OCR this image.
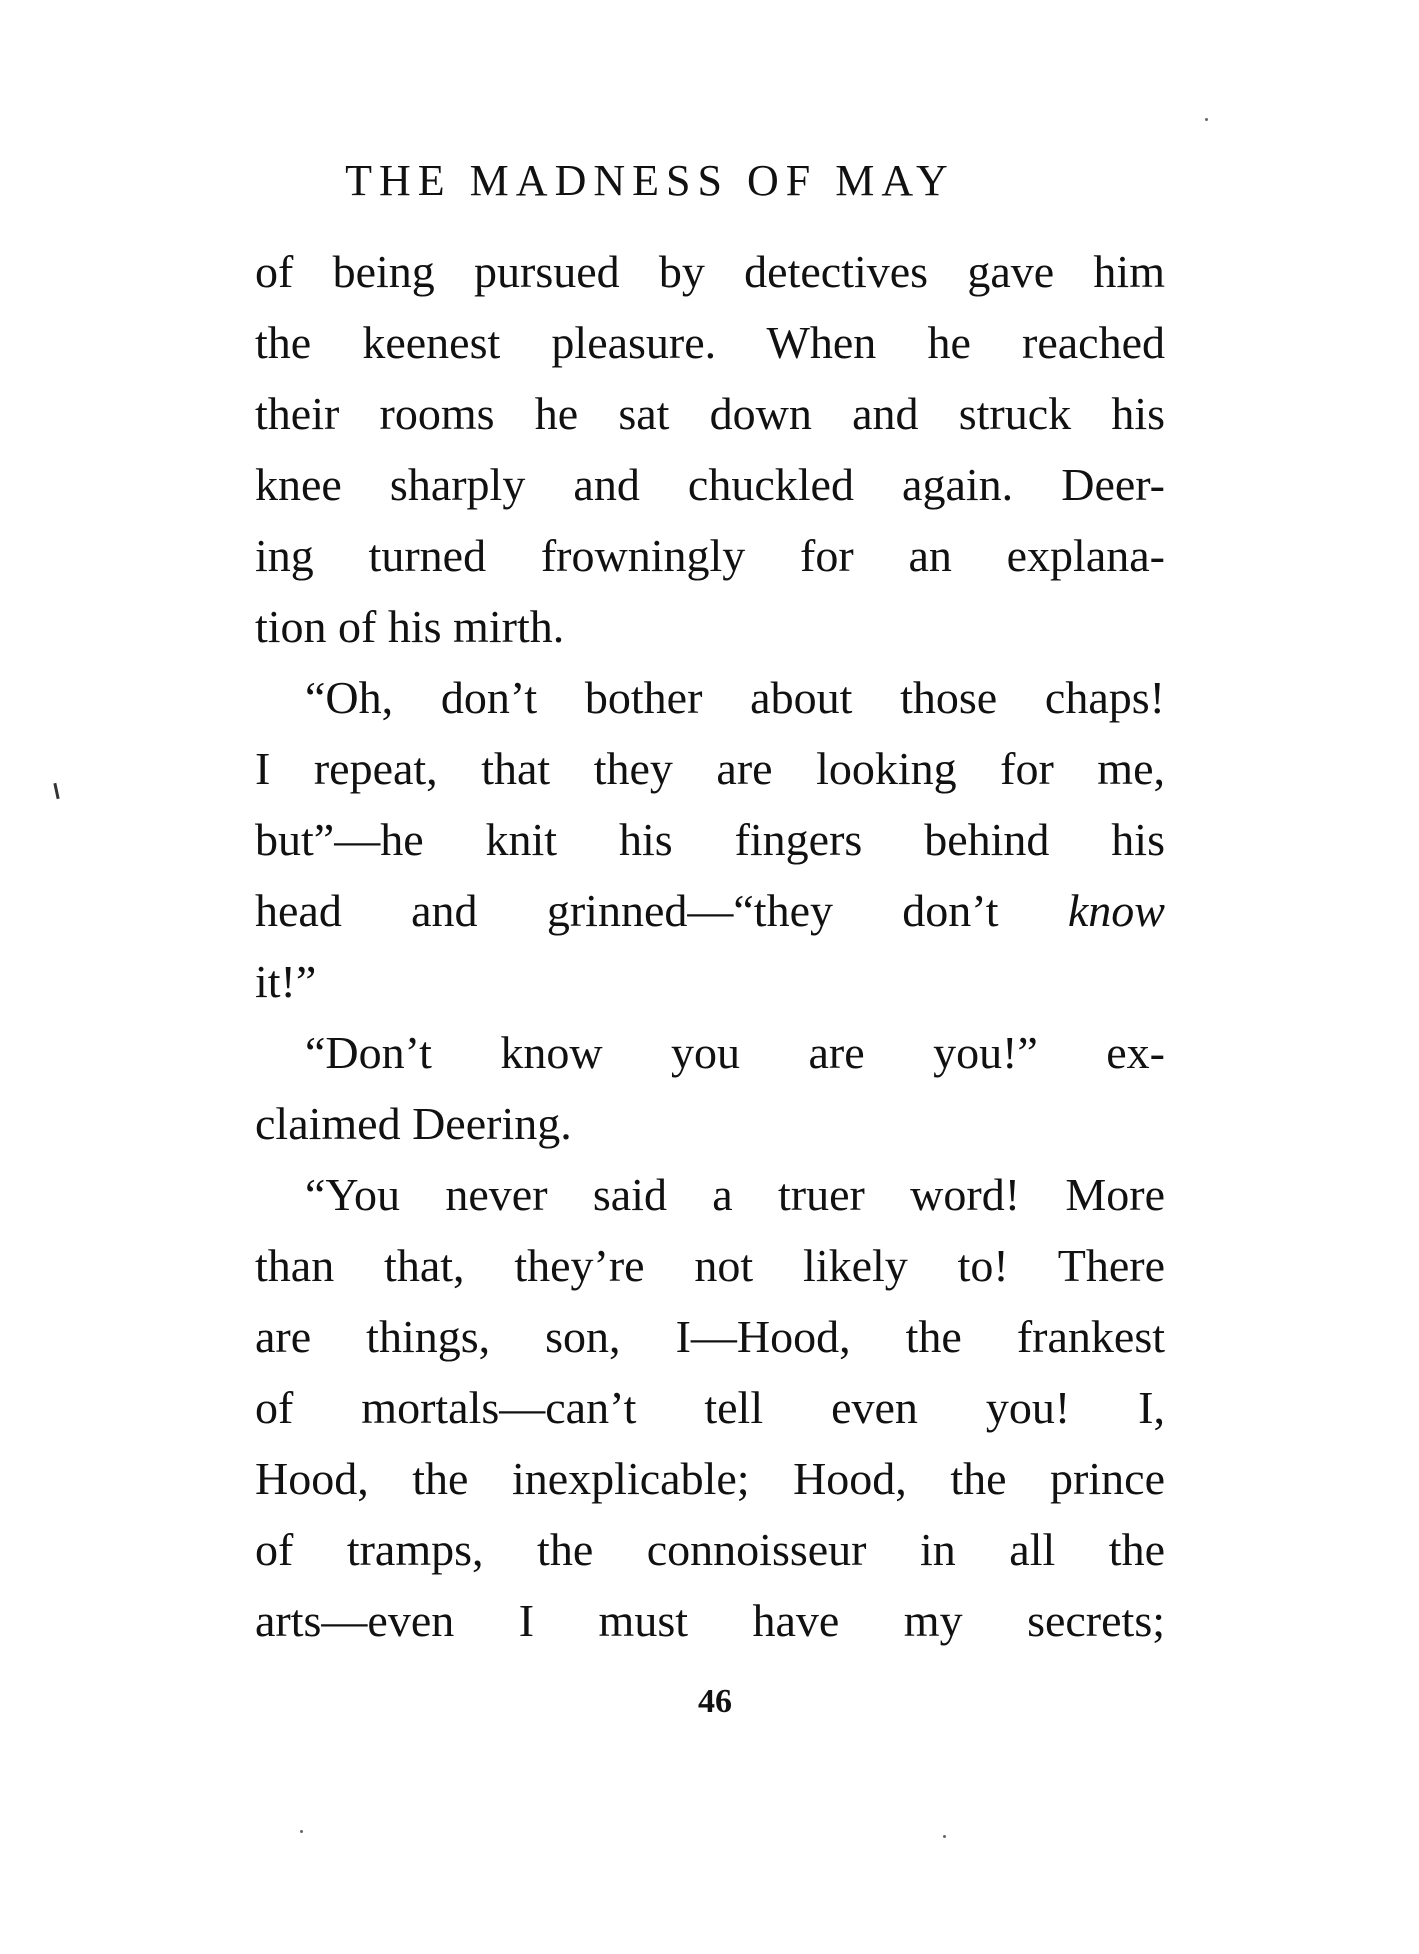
THE MADNESS OF MAY
of being pursued by detectives gave him
the keenest pleasure. When he reached
their rooms he sat down and struck his
knee sharply and chuckled again. Deer-
ing turned frowningly for an explana-
tion of his mirth.
“Oh, don’t bother about those chaps!
I repeat, that they are looking for me,
but”—he knit his fingers behind his
head and grinned—“they don’t know
it!”
“Don’t know you are you!” ex-
claimed Deering.
“You never said a truer word! More
than that, they’re not likely to! There
are things, son, I—Hood, the frankest
of mortals—can’t tell even you! I,
Hood, the inexplicable; Hood, the prince
of tramps, the connoisseur in all the
arts—even I must have my secrets;
46
